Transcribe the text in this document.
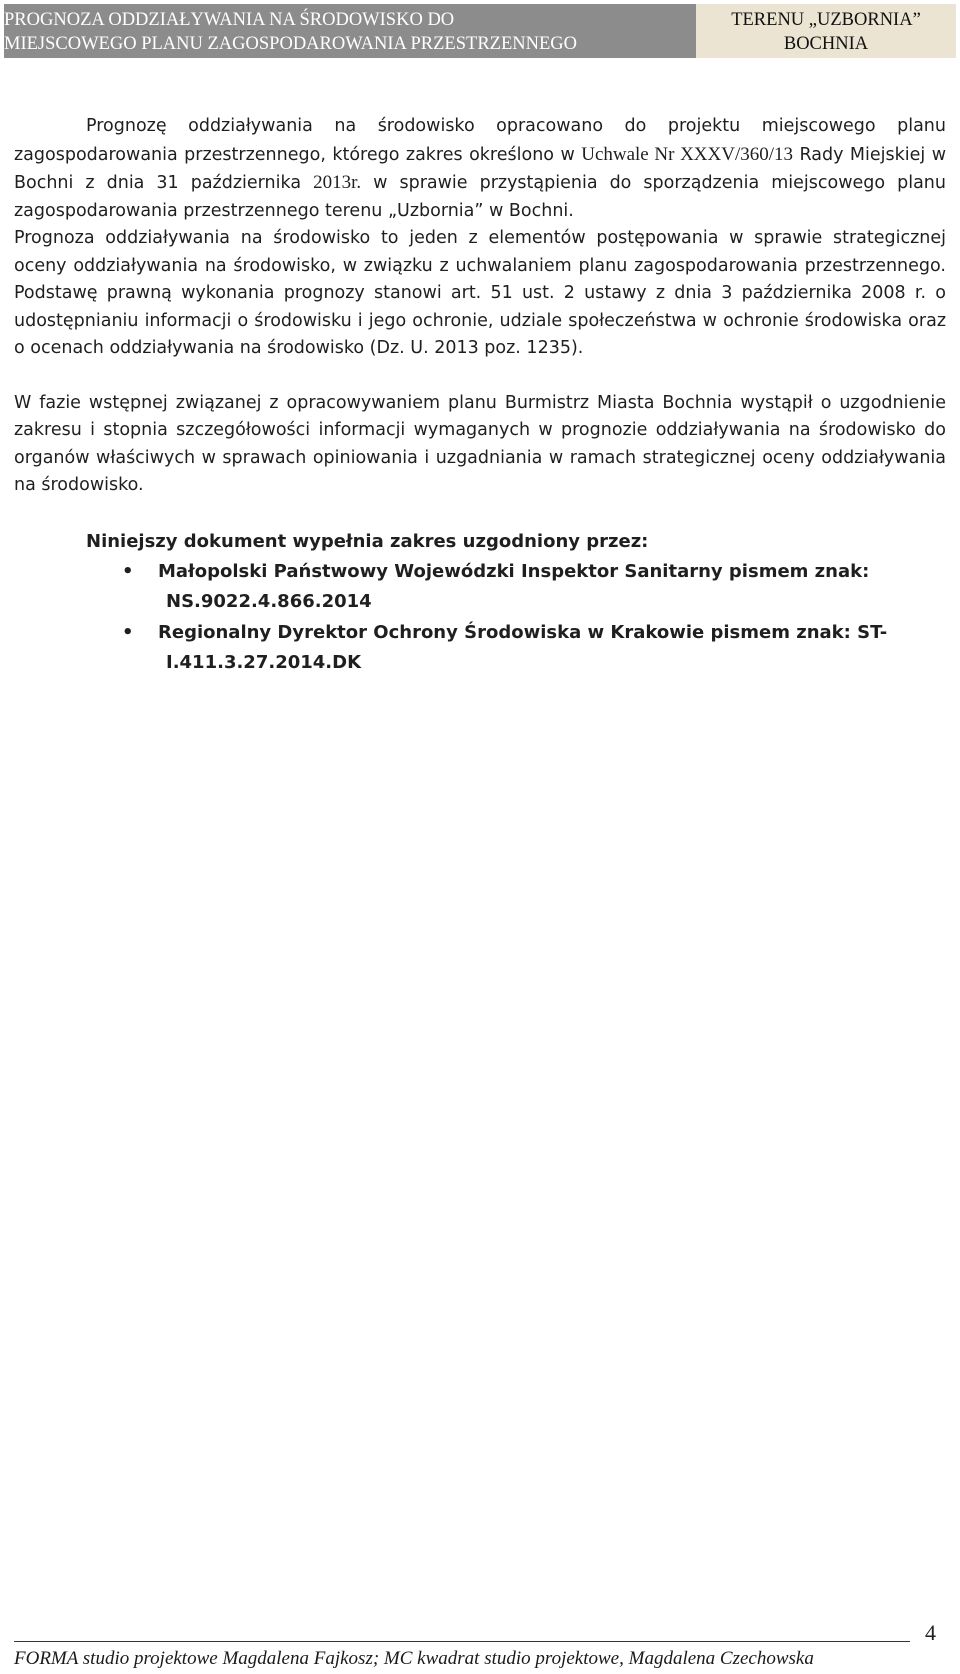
PROGNOZA ODDZIAŁYWANIA NA ŚRODOWISKO DO
MIEJSCOWEGO PLANU ZAGOSPODAROWANIA PRZESTRZENNEGO
TERENU „UZBORNIA”
BOCHNIA

Prognozę oddziaływania na środowisko opracowano do projektu miejscowego planu zagospodarowania przestrzennego, którego zakres określono w Uchwale Nr XXXV/360/13 Rady Miejskiej w Bochni z dnia 31 października 2013r. w sprawie przystąpienia do sporządzenia miejscowego planu zagospodarowania przestrzennego terenu „Uzbornia” w Bochni.

Prognoza oddziaływania na środowisko to jeden z elementów postępowania w sprawie strategicznej oceny oddziaływania na środowisko, w związku z uchwalaniem planu zagospodarowania przestrzennego. Podstawę prawną wykonania prognozy stanowi art. 51 ust. 2 ustawy z dnia 3 października 2008 r. o udostępnianiu informacji o środowisku i jego ochronie, udziale społeczeństwa w ochronie środowiska oraz o ocenach oddziaływania na środowisko (Dz. U. 2013 poz. 1235).

W fazie wstępnej związanej z opracowywaniem planu Burmistrz Miasta Bochnia wystąpił o uzgodnienie zakresu i stopnia szczegółowości informacji wymaganych w prognozie oddziaływania na środowisko do organów właściwych w sprawach opiniowania i uzgadniania w ramach strategicznej oceny oddziaływania na środowisko.

Niniejszy dokument wypełnia zakres uzgodniony przez:

• Małopolski Państwowy Wojewódzki Inspektor Sanitarny pismem znak:
NS.9022.4.866.2014
• Regionalny Dyrektor Ochrony Środowiska w Krakowie pismem znak: ST-
I.411.3.27.2014.DK
4
FORMA studio projektowe Magdalena Fajkosz; MC kwadrat studio projektowe, Magdalena Czechowska
